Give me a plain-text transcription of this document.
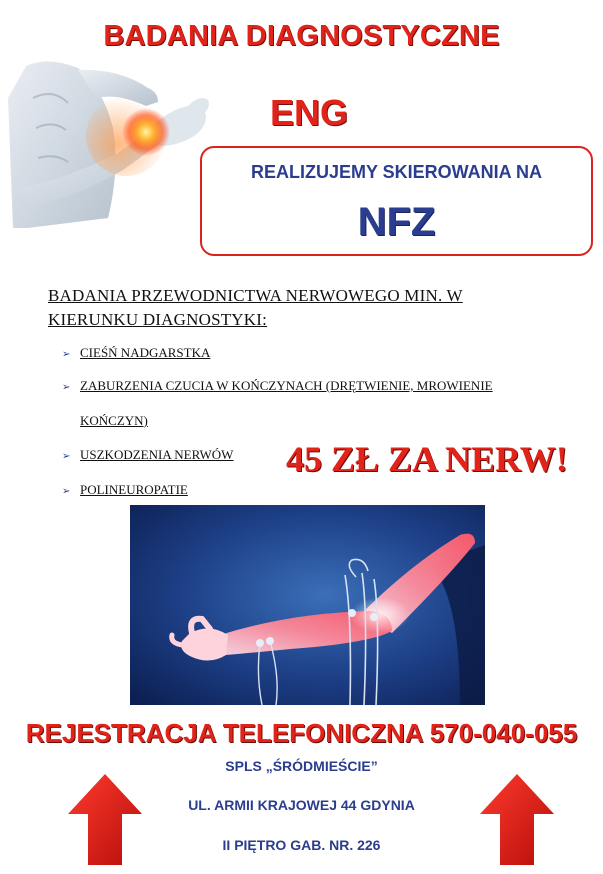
BADANIA DIAGNOSTYCZNE
ENG
REALIZUJEMY SKIEROWANIA NA
NFZ
BADANIA PRZEWODNICTWA NERWOWEGO MIN. W
KIERUNKU DIAGNOSTYKI:
➢ CIEŚŃ NADGARSTKA
➢ ZABURZENIA CZUCIA W KOŃCZYNACH (DRĘTWIENIE, MROWIENIE
KOŃCZYN)
➢ USZKODZENIA NERWÓW
➢ POLINEUROPATIE
45 ZŁ ZA NERW!
REJESTRACJA TELEFONICZNA 570-040-055
SPLS „ŚRÓDMIEŚCIE”
UL. ARMII KRAJOWEJ 44 GDYNIA
II PIĘTRO GAB. NR. 226
